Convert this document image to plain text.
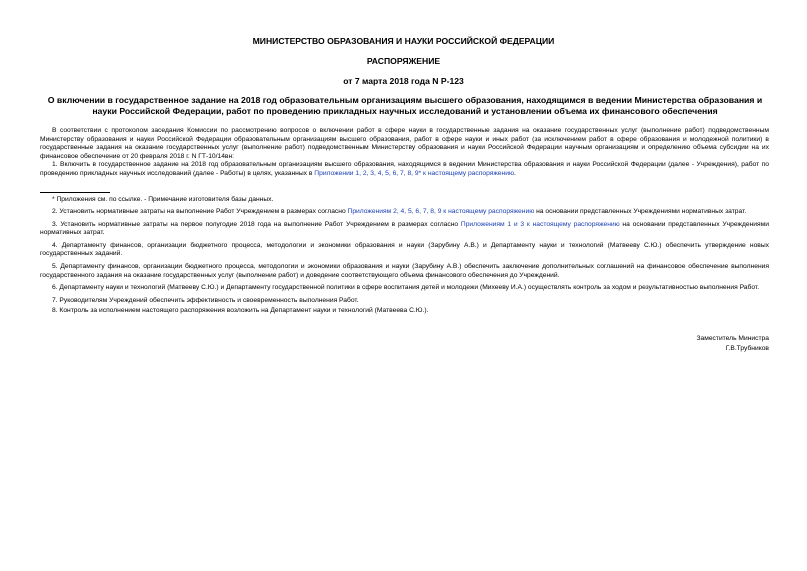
МИНИСТЕРСТВО ОБРАЗОВАНИЯ И НАУКИ РОССИЙСКОЙ ФЕДЕРАЦИИ
РАСПОРЯЖЕНИЕ
от 7 марта 2018 года N Р-123
О включении в государственное задание на 2018 год образовательным организациям высшего образования, находящимся в ведении Министерства образования и науки Российской Федерации, работ по проведению прикладных научных исследований и установлении объема их финансового обеспечения

В соответствии с протоколом заседания Комиссии по рассмотрению вопросов о включении работ в сфере науки в государственные задания на оказание государственных услуг (выполнение работ) подведомственным Министерству образования и науки Российской Федерации образовательным организациям высшего образования, работ в сфере науки и иных работ (за исключением работ в сфере образования и молодежной политики) в государственные задания на оказание государственных услуг (выполнение работ) подведомственным Министерству образования и науки Российской Федерации научным организациям и определению объема субсидии на их финансовое обеспечение от 20 февраля 2018 г. N ГТ-10/14вн:

1. Включить в государственное задание на 2018 год образовательным организациям высшего образования, находящимся в ведении Министерства образования и науки Российской Федерации (далее - Учреждения), работ по проведению прикладных научных исследований (далее - Работы) в целях, указанных в Приложении 1, 2, 3, 4, 5, 6, 7, 8, 9* к настоящему распоряжению.

* Приложения см. по ссылке. - Примечание изготовителя базы данных.

2. Установить нормативные затраты на выполнение Работ Учреждением в размерах согласно Приложениям 2, 4, 5, 6, 7, 8, 9 к настоящему распоряжению на основании представленных Учреждениями нормативных затрат.

3. Установить нормативные затраты на первое полугодие 2018 года на выполнение Работ Учреждением в размерах согласно Приложениям 1 и 3 к настоящему распоряжению на основании представленных Учреждениями нормативных затрат.

4. Департаменту финансов, организации бюджетного процесса, методологии и экономики образования и науки (Зарубину А.В.) и Департаменту науки и технологий (Матвееву С.Ю.) обеспечить утверждение новых государственных заданий.

5. Департаменту финансов, организации бюджетного процесса, методологии и экономики образования и науки (Зарубину А.В.) обеспечить заключение дополнительных соглашений на финансовое обеспечение выполнения государственного задания на оказание государственных услуг (выполнение работ) и доведение соответствующего объема финансового обеспечения до Учреждений.

6. Департаменту науки и технологий (Матвееву С.Ю.) и Департаменту государственной политики в сфере воспитания детей и молодежи (Михееву И.А.) осуществлять контроль за ходом и результативностью выполнения Работ.

7. Руководителям Учреждений обеспечить эффективность и своевременность выполнения Работ.

8. Контроль за исполнением настоящего распоряжения возложить на Департамент науки и технологий (Матвеева С.Ю.).

Заместитель Министра
Г.В.Трубников
